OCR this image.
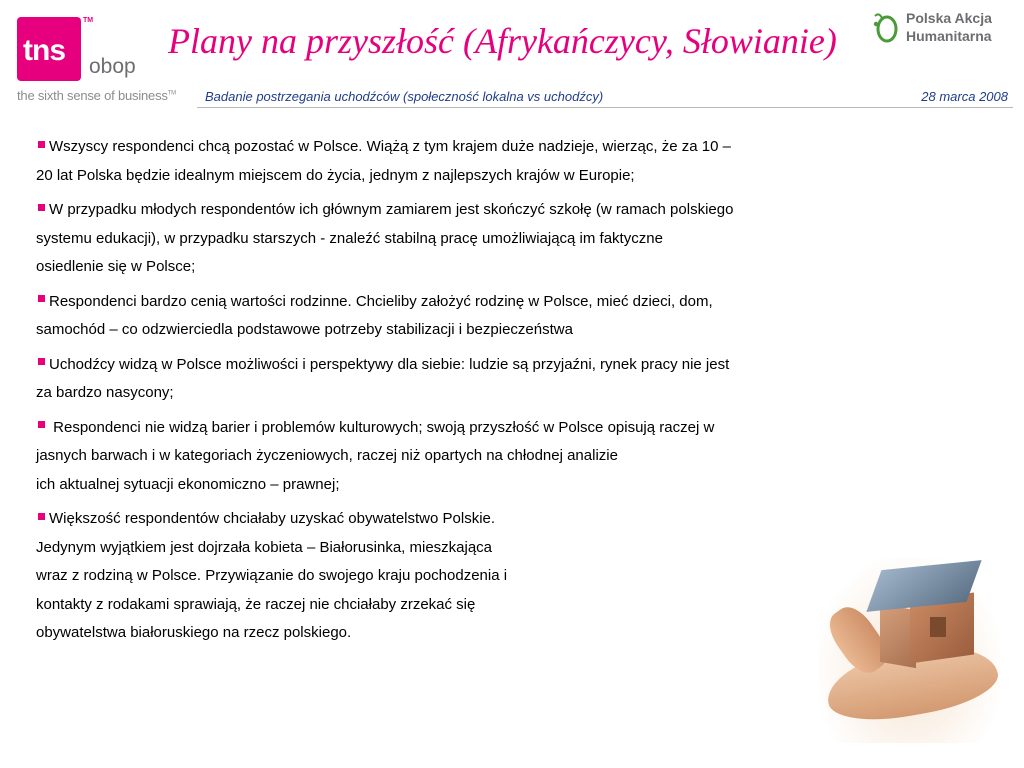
tns
TM
obop
the sixth sense of business™
Plany na przyszłość (Afrykańczycy, Słowianie)
Polska Akcja
Humanitarna
Badanie postrzegania uchodźców (społeczność lokalna vs uchodźcy)	28 marca 2008
Wszyscy respondenci chcą pozostać w Polsce. Wiążą z tym krajem duże nadzieje, wierząc, że za 10 –
20 lat Polska będzie idealnym miejscem do życia, jednym z najlepszych krajów w Europie;
W przypadku młodych respondentów ich głównym zamiarem jest skończyć szkołę (w ramach polskiego
systemu edukacji), w przypadku starszych - znaleźć stabilną pracę umożliwiającą im faktyczne
osiedlenie się w Polsce;
Respondenci bardzo cenią wartości rodzinne. Chcieliby założyć rodzinę w Polsce, mieć dzieci, dom,
samochód – co odzwierciedla podstawowe potrzeby stabilizacji i bezpieczeństwa
Uchodźcy widzą w Polsce możliwości i perspektywy dla siebie: ludzie są przyjaźni, rynek pracy nie jest
za bardzo nasycony;
Respondenci nie widzą barier i problemów kulturowych; swoją przyszłość w Polsce opisują raczej w
jasnych barwach i w kategoriach życzeniowych, raczej niż opartych na chłodnej analizie
ich aktualnej sytuacji ekonomiczno – prawnej;
Większość respondentów chciałaby uzyskać obywatelstwo Polskie.
Jedynym wyjątkiem jest dojrzała kobieta – Białorusinka, mieszkająca
wraz z rodziną w Polsce. Przywiązanie do swojego kraju pochodzenia i
kontakty z rodakami sprawiają, że raczej nie chciałaby zrzekać się
obywatelstwa białoruskiego na rzecz polskiego.
